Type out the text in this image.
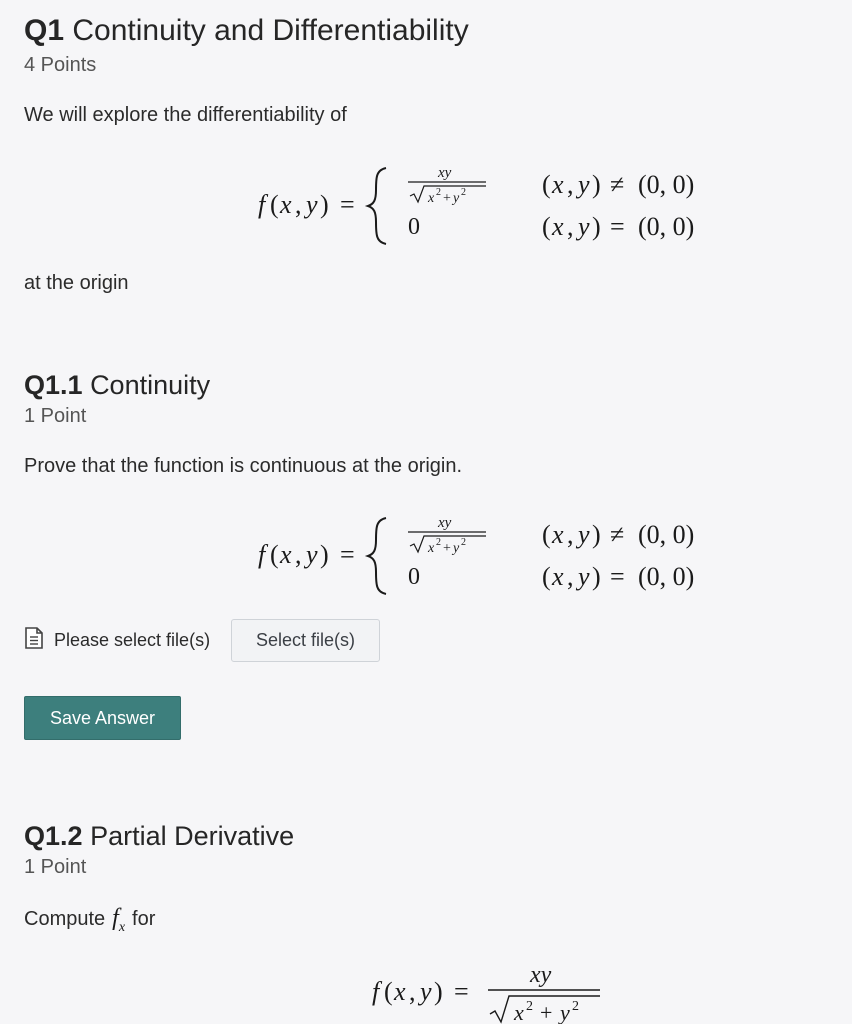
Q1 Continuity and Differentiability
4 Points
We will explore the differentiability of
f ( x , y ) =
xy
x 2 + y 2
0
( x , y ) ≠ (0, 0)
( x , y ) = (0, 0)
at the origin
Q1.1 Continuity
1 Point
Prove that the function is continuous at the origin.
f ( x , y ) =
xy
x 2 + y 2
0
( x , y ) ≠ (0, 0)
( x , y ) = (0, 0)
Please select file(s)	Select file(s)
Save Answer
Q1.2 Partial Derivative
1 Point
Compute $f_x$ for
f ( x , y ) =
xy
x 2 + y 2
